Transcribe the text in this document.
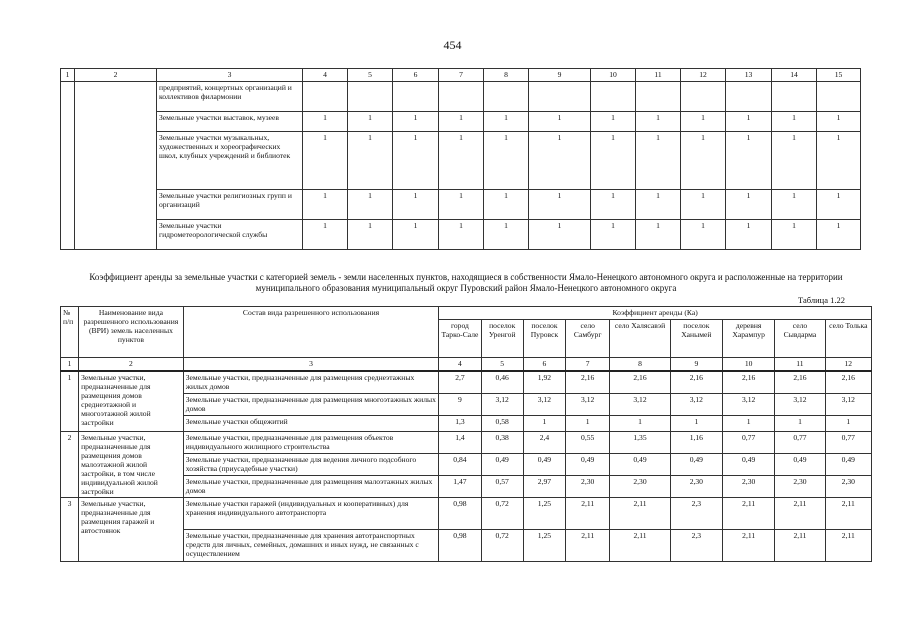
454
1	2	3	4	5	6	7	8	9	10	11	12	13	14	15
		предприятий, концертных организаций и коллективов филармонии												
		Земельные участки выставок, музеев	1	1	1	1	1	1	1	1	1	1	1	1
		Земельные участки музыкальных, художественных и хореографических школ, клубных учреждений и библиотек	1	1	1	1	1	1	1	1	1	1	1	1
		Земельные участки религиозных групп и организаций	1	1	1	1	1	1	1	1	1	1	1	1
		Земельные участки гидрометеорологической службы	1	1	1	1	1	1	1	1	1	1	1	1
Коэффициент аренды за земельные участки с категорией земель - земли населенных пунктов, находящиеся в собственности Ямало-Ненецкого автономного округа и расположенные на территории муниципального образования муниципальный округ Пуровский район Ямало-Ненецкого автономного округа
Таблица 1.22
№ п/п	Наименование вида разрешенного использования (ВРИ) земель населенных пунктов	Состав вида разрешенного использования	Коэффициент аренды (Ка)								
			город Тарко-Сале	поселок Уренгой	поселок Пуровск	село Самбург	село Халясавэй	поселок Ханымей	деревня Харампур	село Сывдарма	село Толька
1	2	3	4	5	6	7	8	9	10	11	12
1	Земельные участки, предназначенные для размещения домов среднеэтажной и многоэтажной жилой застройки	Земельные участки, предназначенные для размещения среднеэтажных жилых домов	2,7	0,46	1,92	2,16	2,16	2,16	2,16	2,16	2,16
		Земельные участки, предназначенные для размещения многоэтажных жилых домов	9	3,12	3,12	3,12	3,12	3,12	3,12	3,12	3,12
		Земельные участки общежитий	1,3	0,58	1	1	1	1	1	1	1
2	Земельные участки, предназначенные для размещения домов малоэтажной жилой застройки, в том числе индивидуальной жилой застройки	Земельные участки, предназначенные для размещения объектов индивидуального жилищного строительства	1,4	0,38	2,4	0,55	1,35	1,16	0,77	0,77	0,77
		Земельные участки, предназначенные для ведения личного подсобного хозяйства (приусадебные участки)	0,84	0,49	0,49	0,49	0,49	0,49	0,49	0,49	0,49
		Земельные участки, предназначенные для размещения малоэтажных жилых домов	1,47	0,57	2,97	2,30	2,30	2,30	2,30	2,30	2,30
3	Земельные участки, предназначенные для размещения гаражей и автостоянок	Земельные участки гаражей (индивидуальных и кооперативных) для хранения индивидуального автотранспорта	0,98	0,72	1,25	2,11	2,11	2,3	2,11	2,11	2,11
		Земельные участки, предназначенные для хранения автотранспортных средств для личных, семейных, домашних и иных нужд, не связанных с осуществлением	0,98	0,72	1,25	2,11	2,11	2,3	2,11	2,11	2,11
